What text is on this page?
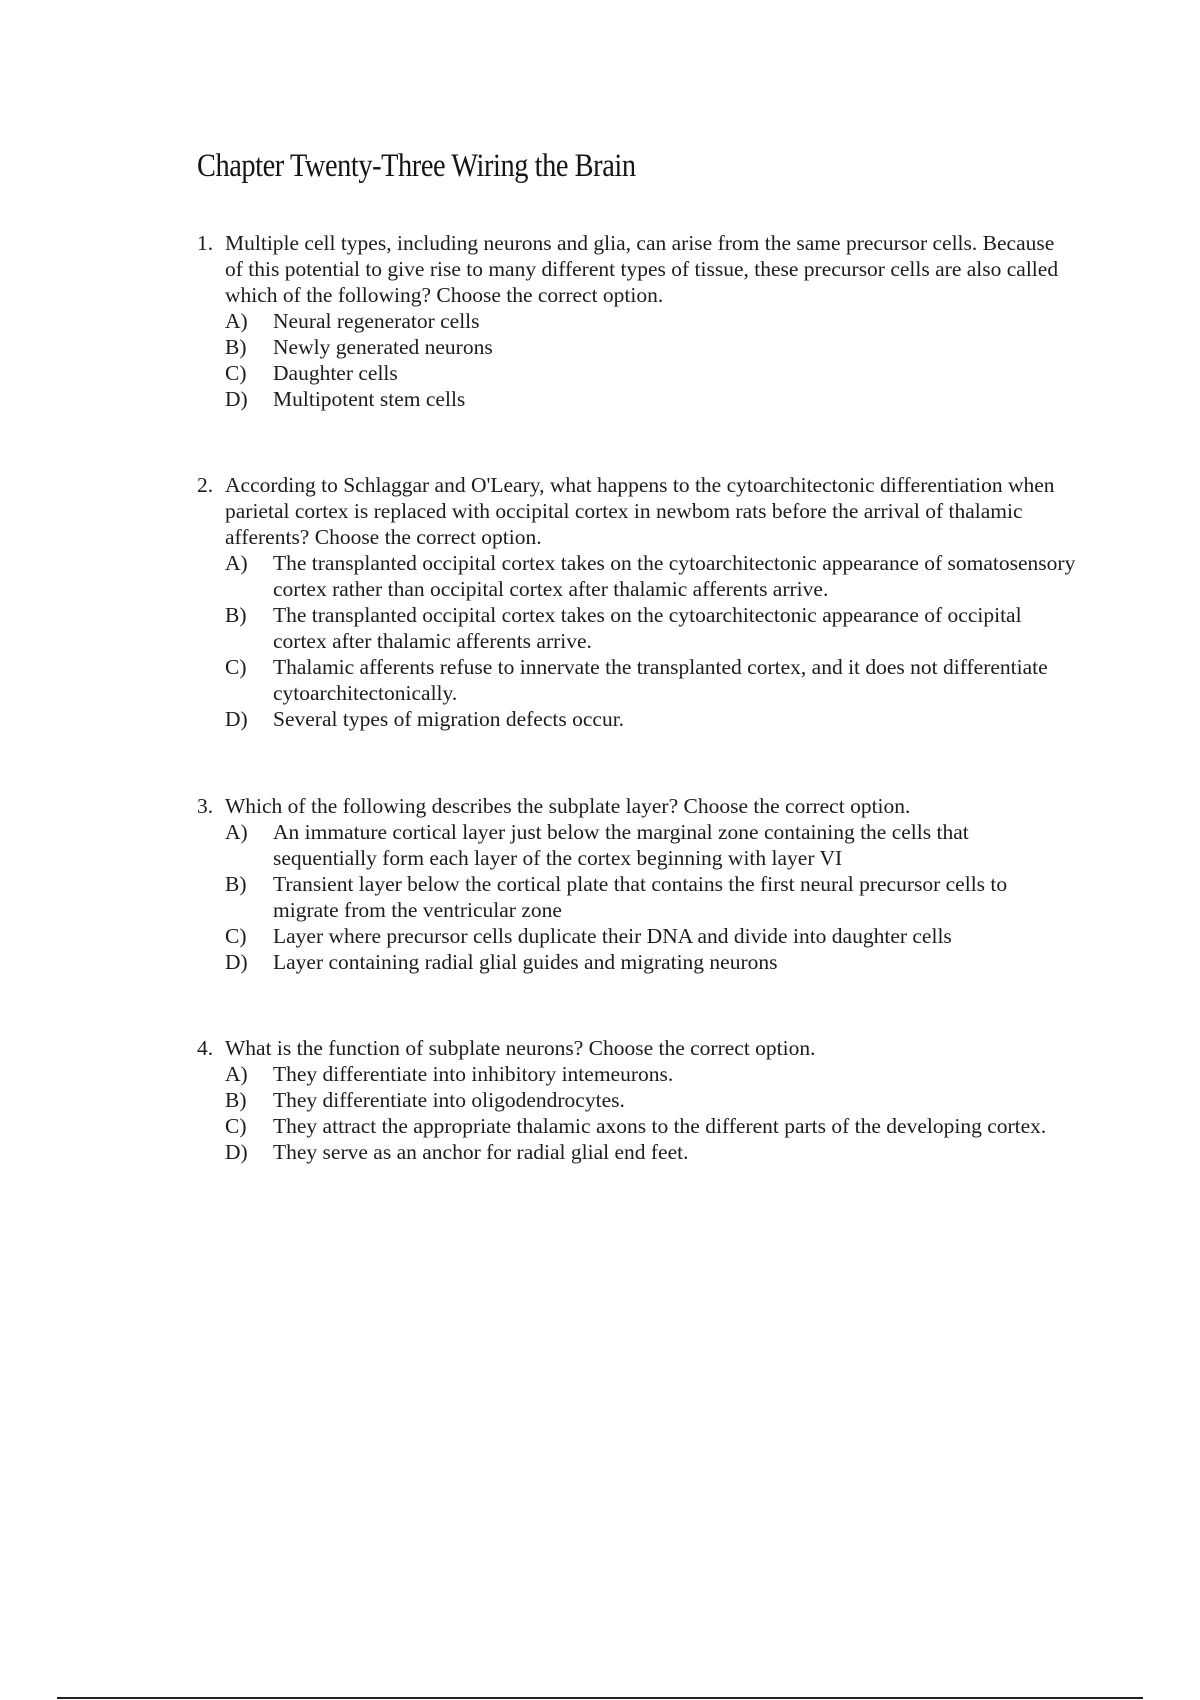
Chapter Twenty-Three Wiring the Brain
1. Multiple cell types, including neurons and glia, can arise from the same precursor cells. Because of this potential to give rise to many different types of tissue, these precursor cells are also called which of the following? Choose the correct option.
A) Neural regenerator cells
B) Newly generated neurons
C) Daughter cells
D) Multipotent stem cells
2. According to Schlaggar and O'Leary, what happens to the cytoarchitectonic differentiation when parietal cortex is replaced with occipital cortex in newbom rats before the arrival of thalamic afferents? Choose the correct option.
A) The transplanted occipital cortex takes on the cytoarchitectonic appearance of somatosensory cortex rather than occipital cortex after thalamic afferents arrive.
B) The transplanted occipital cortex takes on the cytoarchitectonic appearance of occipital cortex after thalamic afferents arrive.
C) Thalamic afferents refuse to innervate the transplanted cortex, and it does not differentiate cytoarchitectonically.
D) Several types of migration defects occur.
3. Which of the following describes the subplate layer? Choose the correct option.
A) An immature cortical layer just below the marginal zone containing the cells that sequentially form each layer of the cortex beginning with layer VI
B) Transient layer below the cortical plate that contains the first neural precursor cells to migrate from the ventricular zone
C) Layer where precursor cells duplicate their DNA and divide into daughter cells
D) Layer containing radial glial guides and migrating neurons
4. What is the function of subplate neurons? Choose the correct option.
A) They differentiate into inhibitory intemeurons.
B) They differentiate into oligodendrocytes.
C) They attract the appropriate thalamic axons to the different parts of the developing cortex.
D) They serve as an anchor for radial glial end feet.
